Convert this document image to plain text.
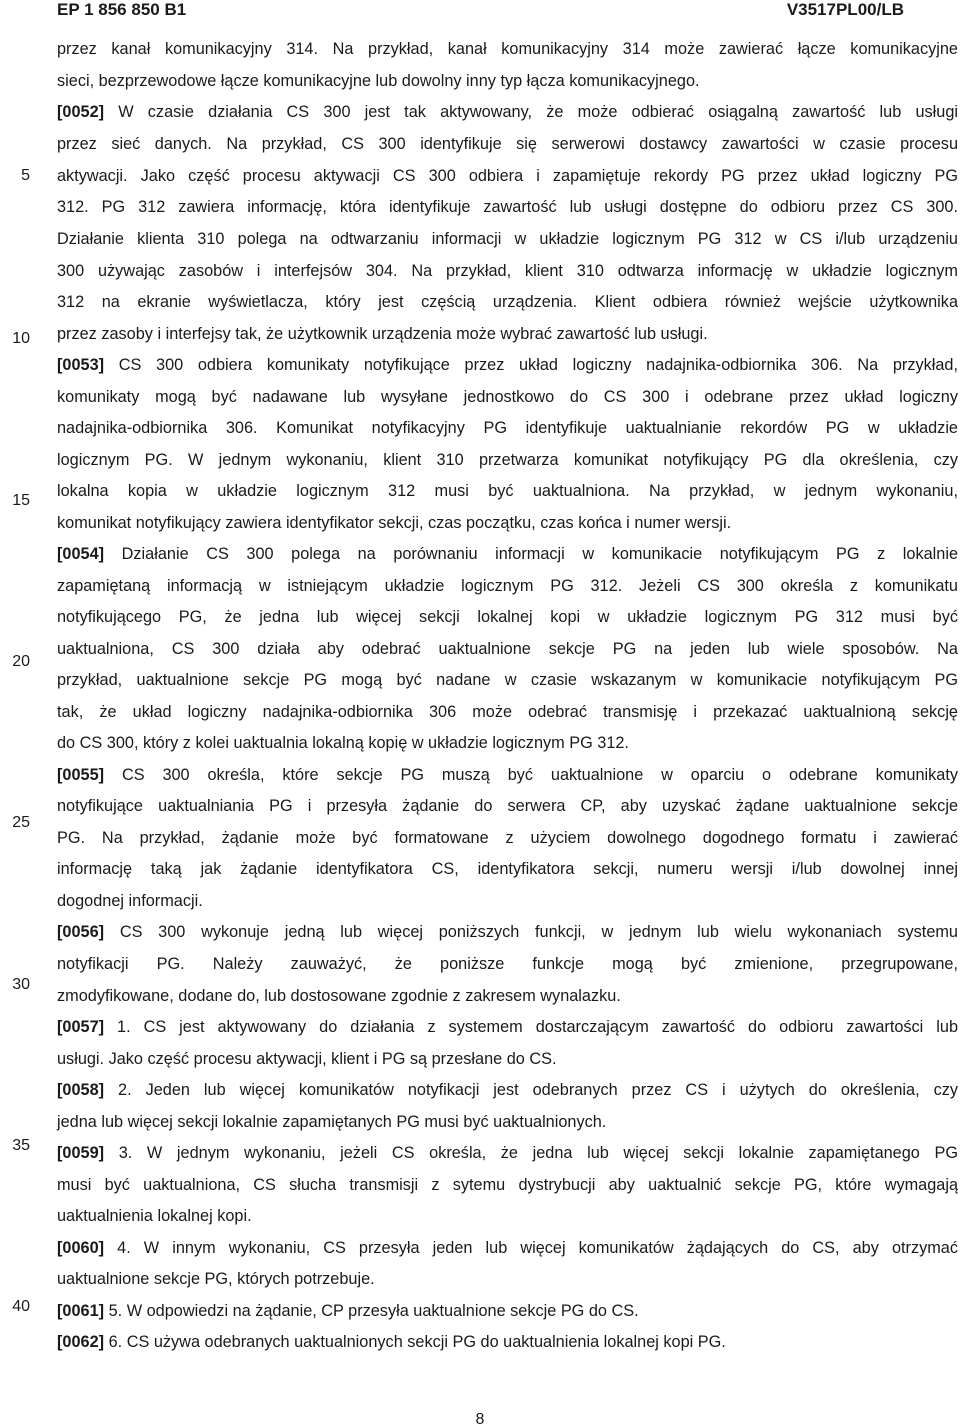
EP 1 856 850 B1	V3517PL00/LB
przez kanał komunikacyjny 314. Na przykład, kanał komunikacyjny 314 może zawierać łącze komunikacyjne
sieci, bezprzewodowe łącze komunikacyjne lub dowolny inny typ łącza komunikacyjnego.
[0052] W czasie działania CS 300 jest tak aktywowany, że może odbierać osiągalną zawartość lub usługi
przez sieć danych. Na przykład, CS 300 identyfikuje się serwerowi dostawcy zawartości w czasie procesu
aktywacji. Jako część procesu aktywacji CS 300 odbiera i zapamiętuje rekordy PG przez układ logiczny PG
312. PG 312 zawiera informację, która identyfikuje zawartość lub usługi dostępne do odbioru przez CS 300.
Działanie klienta 310 polega na odtwarzaniu informacji w układzie logicznym PG 312 w CS i/lub urządzeniu
300 używając zasobów i interfejsów 304. Na przykład, klient 310 odtwarza informację w układzie logicznym
312 na ekranie wyświetlacza, który jest częścią urządzenia. Klient odbiera również wejście użytkownika
przez zasoby i interfejsy tak, że użytkownik urządzenia może wybrać zawartość lub usługi.
[0053] CS 300 odbiera komunikaty notyfikujące przez układ logiczny nadajnika-odbiornika 306. Na przykład,
komunikaty mogą być nadawane lub wysyłane jednostkowo do CS 300 i odebrane przez układ logiczny
nadajnika-odbiornika 306. Komunikat notyfikacyjny PG identyfikuje uaktualnianie rekordów PG w układzie
logicznym PG. W jednym wykonaniu, klient 310 przetwarza komunikat notyfikujący PG dla określenia, czy
lokalna kopia w układzie logicznym 312 musi być uaktualniona. Na przykład, w jednym wykonaniu,
komunikat notyfikujący zawiera identyfikator sekcji, czas początku, czas końca i numer wersji.
[0054] Działanie CS 300 polega na porównaniu informacji w komunikacie notyfikującym PG z lokalnie
zapamiętaną informacją w istniejącym układzie logicznym PG 312. Jeżeli CS 300 określa z komunikatu
notyfikującego PG, że jedna lub więcej sekcji lokalnej kopi w układzie logicznym PG 312 musi być
uaktualniona, CS 300 działa aby odebrać uaktualnione sekcje PG na jeden lub wiele sposobów. Na
przykład, uaktualnione sekcje PG mogą być nadane w czasie wskazanym w komunikacie notyfikującym PG
tak, że układ logiczny nadajnika-odbiornika 306 może odebrać transmisję i przekazać uaktualnioną sekcję
do CS 300, który z kolei uaktualnia lokalną kopię w układzie logicznym PG 312.
[0055] CS 300 określa, które sekcje PG muszą być uaktualnione w oparciu o odebrane komunikaty
notyfikujące uaktualniania PG i przesyła żądanie do serwera CP, aby uzyskać żądane uaktualnione sekcje
PG. Na przykład, żądanie może być formatowane z użyciem dowolnego dogodnego formatu i zawierać
informację taką jak żądanie identyfikatora CS, identyfikatora sekcji, numeru wersji i/lub dowolnej innej
dogodnej informacji.
[0056] CS 300 wykonuje jedną lub więcej poniższych funkcji, w jednym lub wielu wykonaniach systemu
notyfikacji PG. Należy zauważyć, że poniższe funkcje mogą być zmienione, przegrupowane,
zmodyfikowane, dodane do, lub dostosowane zgodnie z zakresem wynalazku.
[0057] 1. CS jest aktywowany do działania z systemem dostarczającym zawartość do odbioru zawartości lub
usługi. Jako część procesu aktywacji, klient i PG są przesłane do CS.
[0058] 2. Jeden lub więcej komunikatów notyfikacji jest odebranych przez CS i użytych do określenia, czy
jedna lub więcej sekcji lokalnie zapamiętanych PG musi być uaktualnionych.
[0059] 3. W jednym wykonaniu, jeżeli CS określa, że jedna lub więcej sekcji lokalnie zapamiętanego PG
musi być uaktualniona, CS słucha transmisji z sytemu dystrybucji aby uaktualnić sekcje PG, które wymagają
uaktualnienia lokalnej kopi.
[0060] 4. W innym wykonaniu, CS przesyła jeden lub więcej komunikatów żądających do CS, aby otrzymać
uaktualnione sekcje PG, których potrzebuje.
[0061] 5. W odpowiedzi na żądanie, CP przesyła uaktualnione sekcje PG do CS.
[0062] 6. CS używa odebranych uaktualnionych sekcji PG do uaktualnienia lokalnej kopi PG.
5
10
15
20
25
30
35
40
8
